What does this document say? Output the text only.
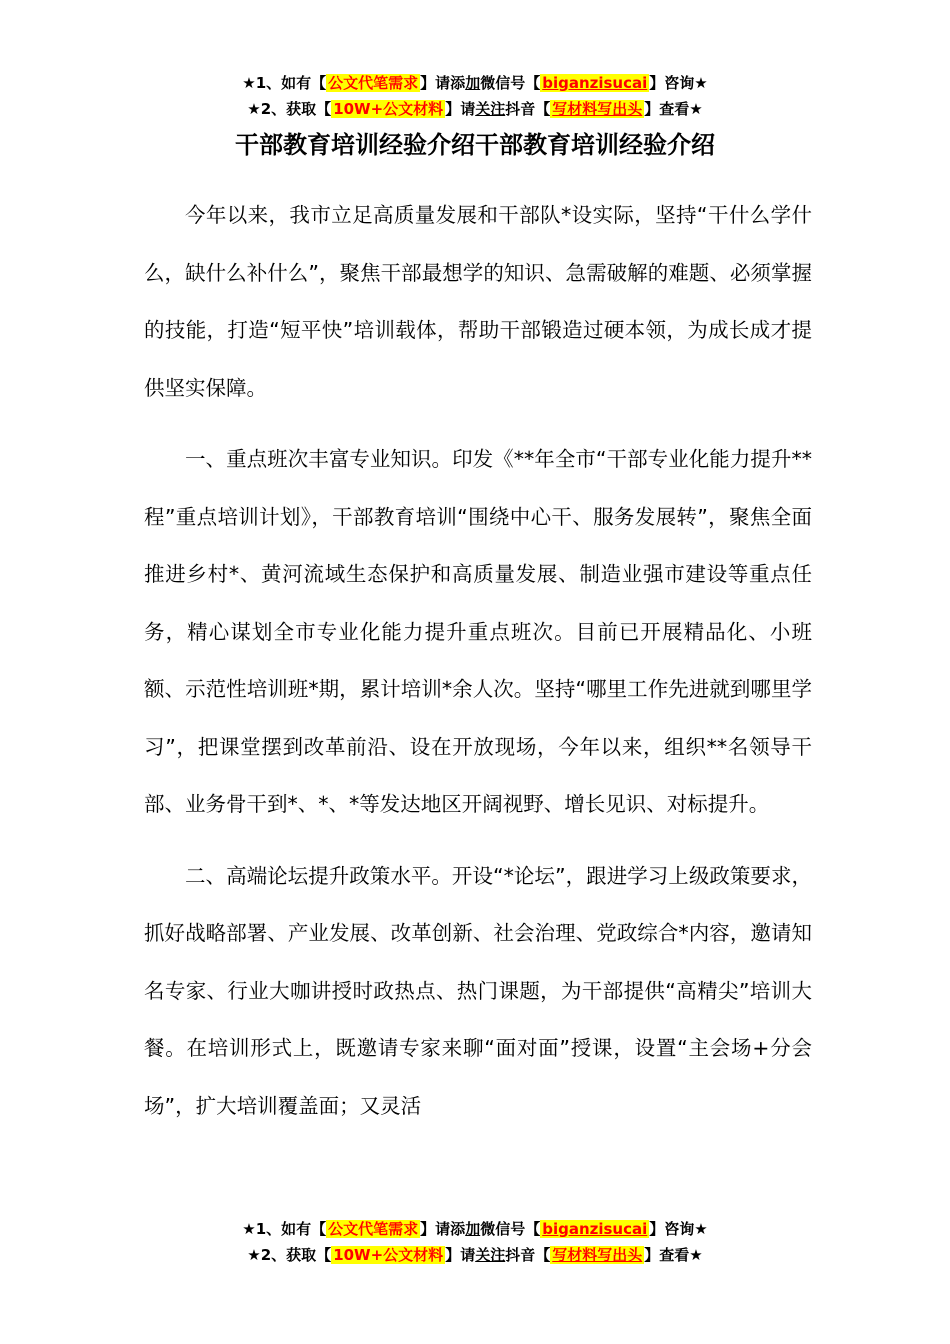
★1、如有【 公文代笔需求 】请添加微信号【 biganzisucai 】咨询★
★2、获取【 10W+公文材料 】请关注抖音【 写材料写出头 】查看★
干部教育培训经验介绍干部教育培训经验介绍

今年以来，我市立足高质量发展和干部队*设实际，坚持“干什么学什么，缺什么补什么”，聚焦干部最想学的知识、急需破解的难题、必须掌握的技能，打造“短平快”培训载体，帮助干部锻造过硬本领，为成长成才提供坚实保障。

一、重点班次丰富专业知识。印发《**年全市“干部专业化能力提升**程”重点培训计划》，干部教育培训“围绕中心干、服务发展转”，聚焦全面推进乡村*、黄河流域生态保护和高质量发展、制造业强市建设等重点任务，精心谋划全市专业化能力提升重点班次。目前已开展精品化、小班额、示范性培训班*期，累计培训*余人次。坚持“哪里工作先进就到哪里学习”，把课堂摆到改革前沿、设在开放现场，今年以来，组织**名领导干部、业务骨干到*、*、*等发达地区开阔视野、增长见识、对标提升。

二、高端论坛提升政策水平。开设“*论坛”，跟进学习上级政策要求，抓好战略部署、产业发展、改革创新、社会治理、党政综合*内容，邀请知名专家、行业大咖讲授时政热点、热门课题，为干部提供“高精尖”培训大餐。在培训形式上，既邀请专家来聊“面对面”授课，设置“主会场+分会场”，扩大培训覆盖面；又灵活

★1、如有【 公文代笔需求 】请添加微信号【 biganzisucai 】咨询★
★2、获取【 10W+公文材料 】请关注抖音【 写材料写出头 】查看★
